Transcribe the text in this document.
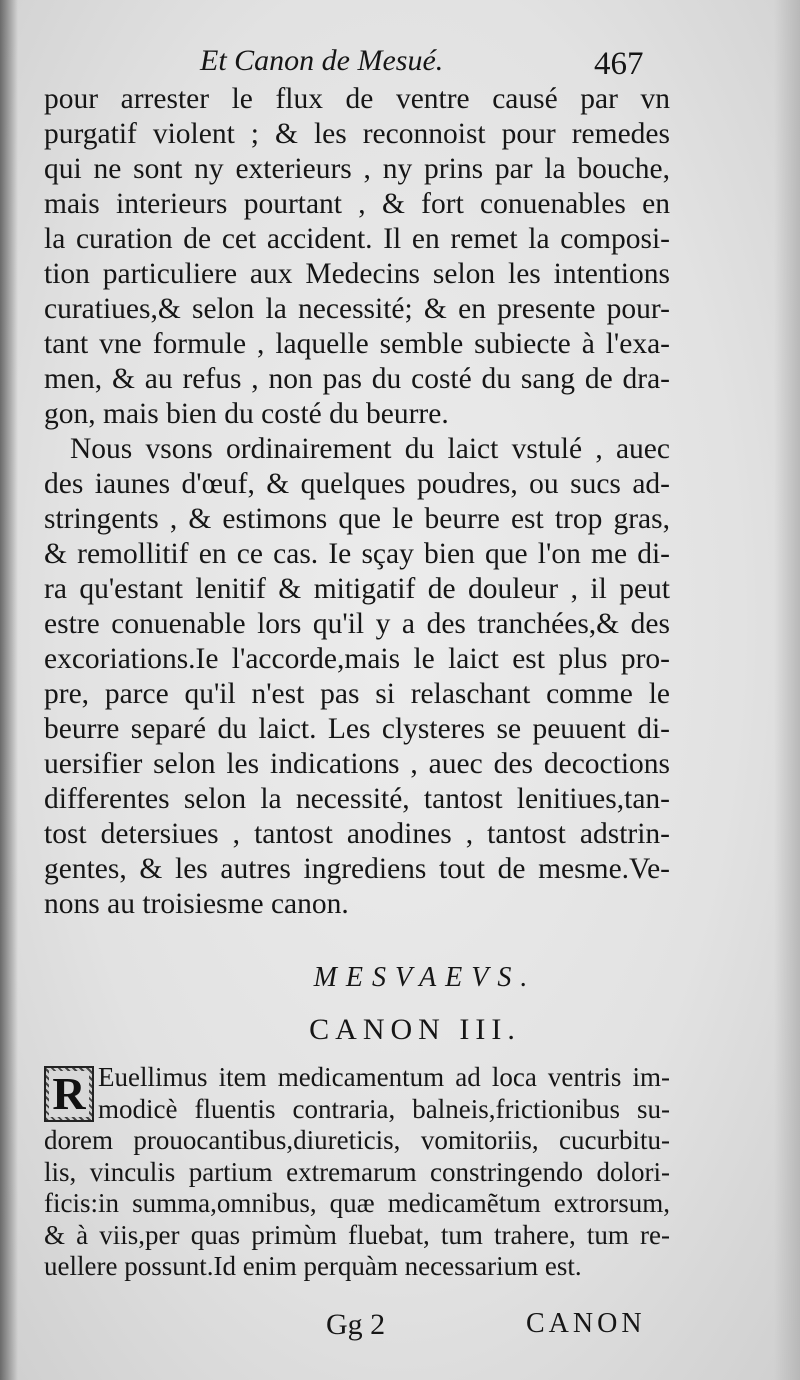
Et Canon de Mesué.	467
pour arrester le flux de ventre causé par vn
purgatif violent ; & les reconnoist pour remedes
qui ne sont ny exterieurs , ny prins par la bouche,
mais interieurs pourtant , & fort conuenables en
la curation de cet accident. Il en remet la composi-
tion particuliere aux Medecins selon les intentions
curatiues,& selon la necessité; & en presente pour-
tant vne formule , laquelle semble subiecte à l'exa-
men, & au refus , non pas du costé du sang de dra-
gon, mais bien du costé du beurre.
Nous vsons ordinairement du laict vstulé , auec
des iaunes d'œuf, & quelques poudres, ou sucs ad-
stringents , & estimons que le beurre est trop gras,
& remollitif en ce cas. Ie sçay bien que l'on me di-
ra qu'estant lenitif & mitigatif de douleur , il peut
estre conuenable lors qu'il y a des tranchées,& des
excoriations.Ie l'accorde,mais le laict est plus pro-
pre, parce qu'il n'est pas si relaschant comme le
beurre separé du laict. Les clysteres se peuuent di-
uersifier selon les indications , auec des decoctions
differentes selon la necessité, tantost lenitiues,tan-
tost detersiues , tantost anodines , tantost adstrin-
gentes, & les autres ingrediens tout de mesme.Ve-
nons au troisiesme canon.
MESVAEVS.
CANON III.
R Euellimus item medicamentum ad loca ventris im-
modicè fluentis contraria, balneis,frictionibus su-
dorem prouocantibus,diureticis, vomitoriis, cucurbitu-
lis, vinculis partium extremarum constringendo dolori-
ficis:in summa,omnibus, quæ medicamẽtum extrorsum,
& à viis,per quas primùm fluebat, tum trahere, tum re-
uellere possunt.Id enim perquàm necessarium est.
Gg 2	CANON
